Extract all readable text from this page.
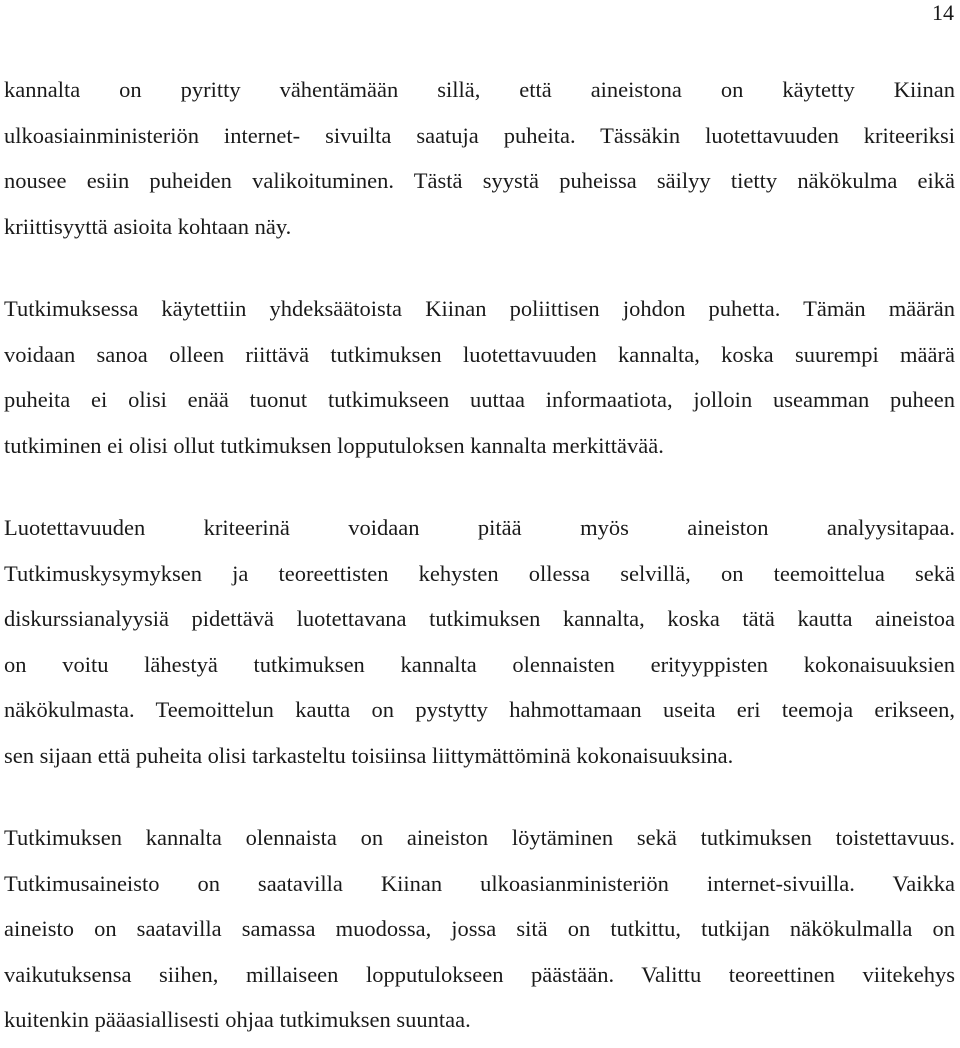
14

kannalta on pyritty vähentämään sillä, että aineistona on käytetty Kiinan
ulkoasiainministeriön internet- sivuilta saatuja puheita. Tässäkin luotettavuuden kriteeriksi
nousee esiin puheiden valikoituminen. Tästä syystä puheissa säilyy tietty näkökulma eikä
kriittisyyttä asioita kohtaan näy.

Tutkimuksessa käytettiin yhdeksäätoista Kiinan poliittisen johdon puhetta. Tämän määrän
voidaan sanoa olleen riittävä tutkimuksen luotettavuuden kannalta, koska suurempi määrä
puheita ei olisi enää tuonut tutkimukseen uuttaa informaatiota, jolloin useamman puheen
tutkiminen ei olisi ollut tutkimuksen lopputuloksen kannalta merkittävää.

Luotettavuuden kriteerinä voidaan pitää myös aineiston analyysitapaa.
Tutkimuskysymyksen ja teoreettisten kehysten ollessa selvillä, on teemoittelua sekä
diskurssianalyysiä pidettävä luotettavana tutkimuksen kannalta, koska tätä kautta aineistoa
on voitu lähestyä tutkimuksen kannalta olennaisten erityyppisten kokonaisuuksien
näkökulmasta. Teemoittelun kautta on pystytty hahmottamaan useita eri teemoja erikseen,
sen sijaan että puheita olisi tarkasteltu toisiinsa liittymättöminä kokonaisuuksina.

Tutkimuksen kannalta olennaista on aineiston löytäminen sekä tutkimuksen toistettavuus.
Tutkimusaineisto on saatavilla Kiinan ulkoasianministeriön internet-sivuilla. Vaikka
aineisto on saatavilla samassa muodossa, jossa sitä on tutkittu, tutkijan näkökulmalla on
vaikutuksensa siihen, millaiseen lopputulokseen päästään. Valittu teoreettinen viitekehys
kuitenkin pääasiallisesti ohjaa tutkimuksen suuntaa.
